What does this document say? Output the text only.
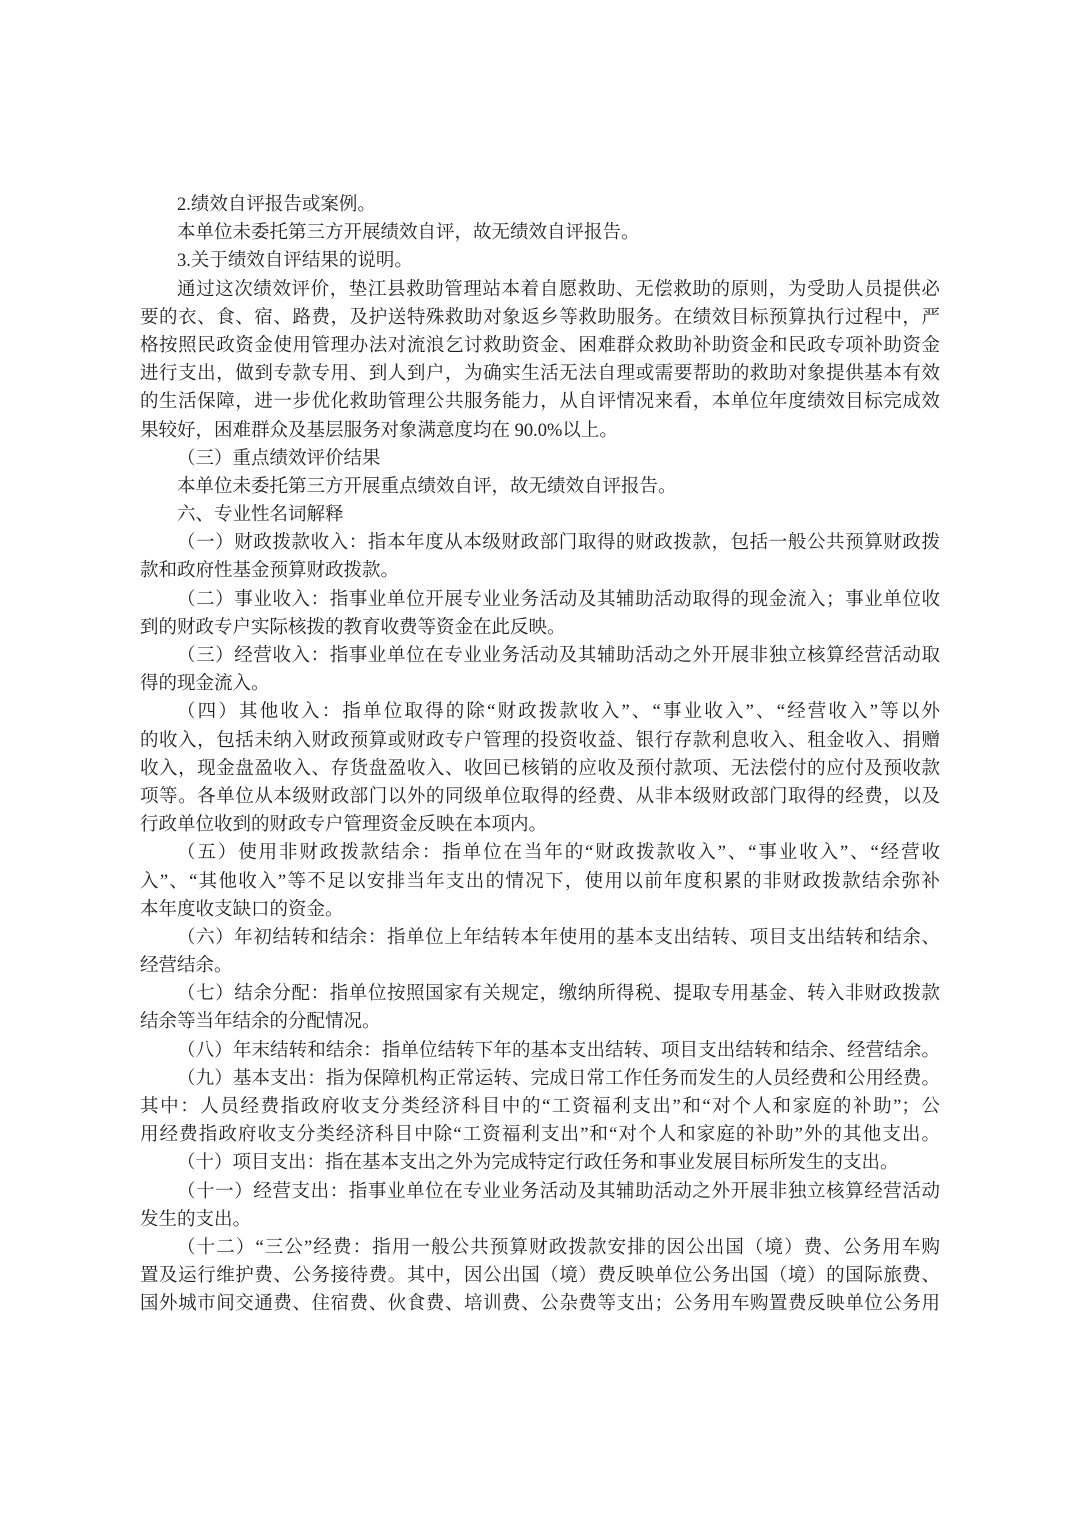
2.绩效自评报告或案例。
本单位未委托第三方开展绩效自评，故无绩效自评报告。
3.关于绩效自评结果的说明。
通过这次绩效评价，垫江县救助管理站本着自愿救助、无偿救助的原则，为受助人员提供必
要的衣、食、宿、路费，及护送特殊救助对象返乡等救助服务。在绩效目标预算执行过程中，严
格按照民政资金使用管理办法对流浪乞讨救助资金、困难群众救助补助资金和民政专项补助资金
进行支出，做到专款专用、到人到户，为确实生活无法自理或需要帮助的救助对象提供基本有效
的生活保障，进一步优化救助管理公共服务能力，从自评情况来看，本单位年度绩效目标完成效
果较好，困难群众及基层服务对象满意度均在 90.0%以上。
（三）重点绩效评价结果
本单位未委托第三方开展重点绩效自评，故无绩效自评报告。
六、专业性名词解释
（一）财政拨款收入：指本年度从本级财政部门取得的财政拨款，包括一般公共预算财政拨
款和政府性基金预算财政拨款。
（二）事业收入：指事业单位开展专业业务活动及其辅助活动取得的现金流入；事业单位收
到的财政专户实际核拨的教育收费等资金在此反映。
（三）经营收入：指事业单位在专业业务活动及其辅助活动之外开展非独立核算经营活动取
得的现金流入。
（四）其他收入：指单位取得的除“财政拨款收入”、“事业收入”、“经营收入”等以外
的收入，包括未纳入财政预算或财政专户管理的投资收益、银行存款利息收入、租金收入、捐赠
收入，现金盘盈收入、存货盘盈收入、收回已核销的应收及预付款项、无法偿付的应付及预收款
项等。各单位从本级财政部门以外的同级单位取得的经费、从非本级财政部门取得的经费，以及
行政单位收到的财政专户管理资金反映在本项内。
（五）使用非财政拨款结余：指单位在当年的“财政拨款收入”、“事业收入”、“经营收
入”、“其他收入”等不足以安排当年支出的情况下，使用以前年度积累的非财政拨款结余弥补
本年度收支缺口的资金。
（六）年初结转和结余：指单位上年结转本年使用的基本支出结转、项目支出结转和结余、
经营结余。
（七）结余分配：指单位按照国家有关规定，缴纳所得税、提取专用基金、转入非财政拨款
结余等当年结余的分配情况。
（八）年末结转和结余：指单位结转下年的基本支出结转、项目支出结转和结余、经营结余。
（九）基本支出：指为保障机构正常运转、完成日常工作任务而发生的人员经费和公用经费。
其中：人员经费指政府收支分类经济科目中的“工资福利支出”和“对个人和家庭的补助”；公
用经费指政府收支分类经济科目中除“工资福利支出”和“对个人和家庭的补助”外的其他支出。
（十）项目支出：指在基本支出之外为完成特定行政任务和事业发展目标所发生的支出。
（十一）经营支出：指事业单位在专业业务活动及其辅助活动之外开展非独立核算经营活动
发生的支出。
（十二）“三公”经费：指用一般公共预算财政拨款安排的因公出国（境）费、公务用车购
置及运行维护费、公务接待费。其中，因公出国（境）费反映单位公务出国（境）的国际旅费、
国外城市间交通费、住宿费、伙食费、培训费、公杂费等支出；公务用车购置费反映单位公务用
